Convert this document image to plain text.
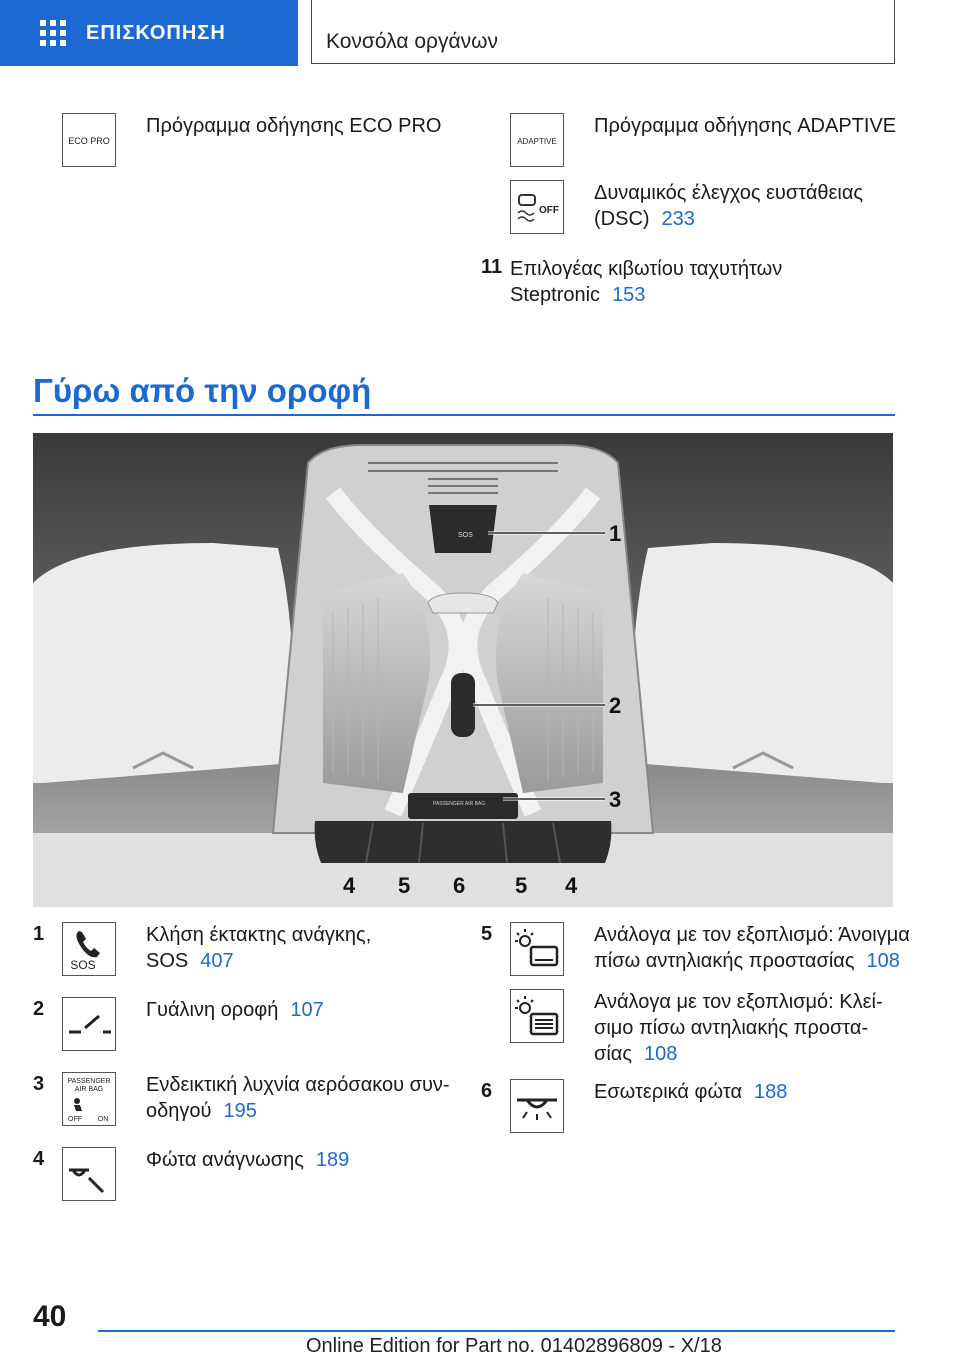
ΕΠΙΣΚΟΠΗΣΗ	Κονσόλα οργάνων
ECO PRO
Πρόγραμμα οδήγησης ECO PRO
ADAPTIVE
Πρόγραμμα οδήγησης ADAPTIVE
OFF
Δυναμικός έλεγχος ευστάθειας
(DSC) 233
11 Επιλογέας κιβωτίου ταχυτήτων
Steptronic 153
Γύρω από την οροφή
SOS
PASSENGER AIR BAG
1
2
3
4 5 6 5 4
1
SOS
Κλήση έκτακτης ανάγκης,
SOS 407
2	Γυάλινη οροφή 107
3	PASSENGER
AIR BAG
OFF ON
Ενδεικτική λυχνία αερόσακου συν-
οδηγού 195
4	Φώτα ανάγνωσης 189
5	Ανάλογα με τον εξοπλισμό: Άνοιγμα
πίσω αντηλιακής προστασίας 108
Ανάλογα με τον εξοπλισμό: Κλεί-
σιμο πίσω αντηλιακής προστα-
σίας 108
6	Εσωτερικά φώτα 188
40
Online Edition for Part no. 01402896809 - X/18
